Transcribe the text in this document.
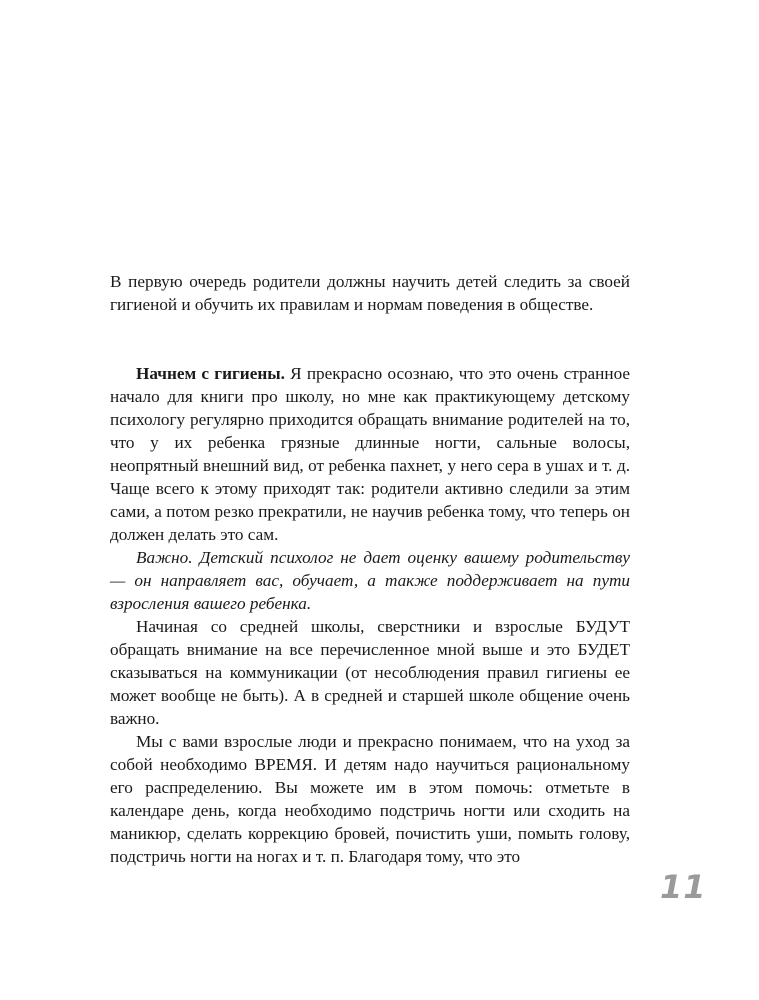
В первую очередь родители должны научить детей следить за своей гигиеной и обучить их правилам и нормам поведения в обществе.

Начнем с гигиены. Я прекрасно осознаю, что это очень странное начало для книги про школу, но мне как практикующему детскому психологу регулярно приходится обращать внимание родителей на то, что у их ребенка грязные длинные ногти, сальные волосы, неопрятный внешний вид, от ребенка пахнет, у него сера в ушах и т. д. Чаще всего к этому приходят так: родители активно следили за этим сами, а потом резко прекратили, не научив ребенка тому, что теперь он должен делать это сам.

Важно. Детский психолог не дает оценку вашему родительству — он направляет вас, обучает, а также поддерживает на пути взросления вашего ребенка.

Начиная со средней школы, сверстники и взрослые БУДУТ обращать внимание на все перечисленное мной выше и это БУДЕТ сказываться на коммуникации (от несоблюдения правил гигиены ее может вообще не быть). А в средней и старшей школе общение очень важно.

Мы с вами взрослые люди и прекрасно понимаем, что на уход за собой необходимо ВРЕМЯ. И детям надо научиться рациональному его распределению. Вы можете им в этом помочь: отметьте в календаре день, когда необходимо подстричь ногти или сходить на маникюр, сделать коррекцию бровей, почистить уши, помыть голову, подстричь ногти на ногах и т. п. Благодаря тому, что это

11
